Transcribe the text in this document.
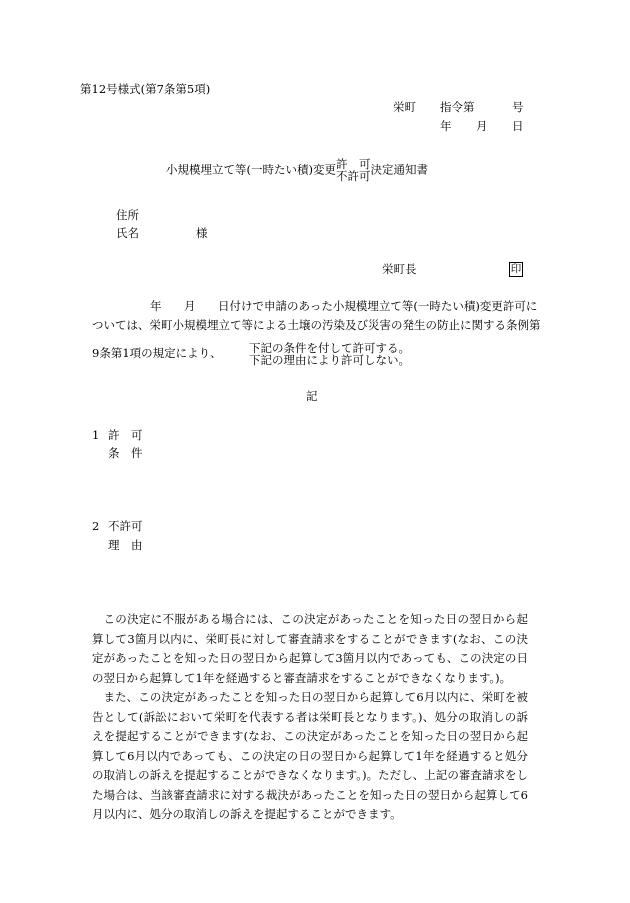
第12号様式(第7条第5項)
栄町 指令第	号
年 月 日
小規模埋立て等(一時たい積)変更 許　可
不許可 決定通知書
住所
氏名	様
栄町長	印
年 月 日付けで申請のあった小規模埋立て等(一時たい積)変更許可に
ついては、栄町小規模埋立て等による土壌の汚染及び災害の発生の防止に関する条例第
9条第1項の規定により、 下記の条件を付して許可する。
下記の理由により許可しない。
記
1 許　可
条　件
2 不許可
理　由

この決定に不服がある場合には、この決定があったことを知った日の翌日から起算して3箇月以内に、栄町長に対して審査請求をすることができます(なお、この決定があったことを知った日の翌日から起算して3箇月以内であっても、この決定の日の翌日から起算して1年を経過すると審査請求をすることができなくなります。)。

また、この決定があったことを知った日の翌日から起算して6月以内に、栄町を被告として(訴訟において栄町を代表する者は栄町長となります。)、処分の取消しの訴えを提起することができます(なお、この決定があったことを知った日の翌日から起算して6月以内であっても、この決定の日の翌日から起算して1年を経過すると処分の取消しの訴えを提起することができなくなります。)。ただし、上記の審査請求をした場合は、当該審査請求に対する裁決があったことを知った日の翌日から起算して6月以内に、処分の取消しの訴えを提起することができます。
